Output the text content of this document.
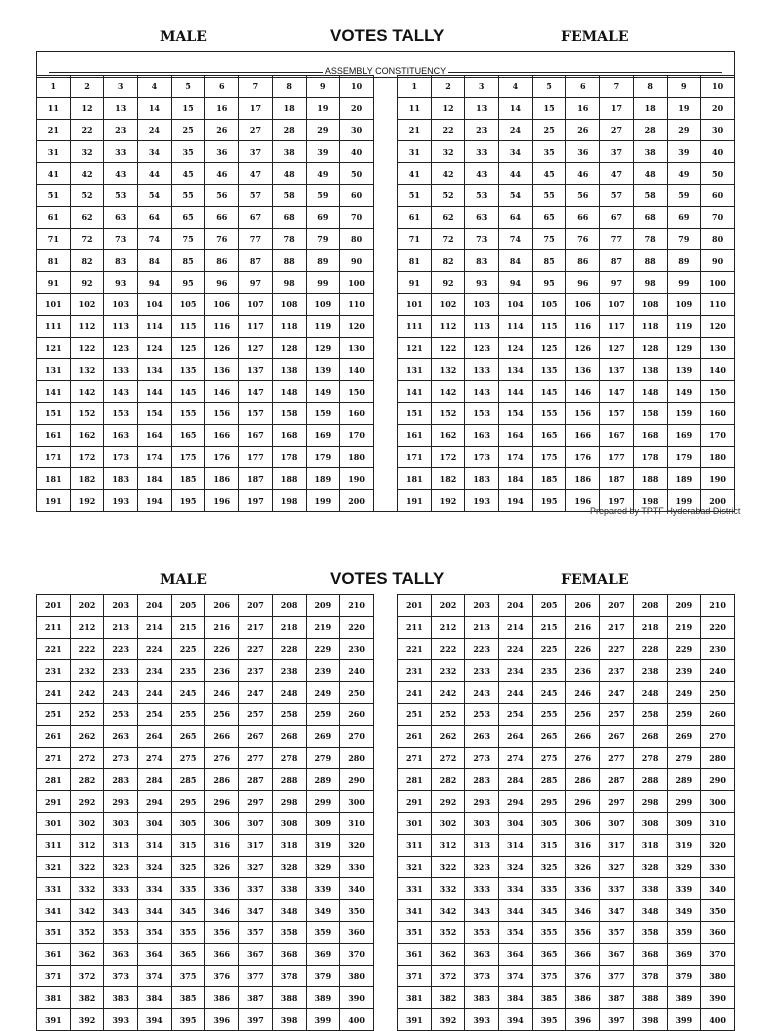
MALE	VOTES TALLY	FEMALE
ASSEMBLY CONSTITUENCY
1	2	3	4	5	6	7	8	9	10
11	12	13	14	15	16	17	18	19	20
21	22	23	24	25	26	27	28	29	30
31	32	33	34	35	36	37	38	39	40
41	42	43	44	45	46	47	48	49	50
51	52	53	54	55	56	57	58	59	60
61	62	63	64	65	66	67	68	69	70
71	72	73	74	75	76	77	78	79	80
81	82	83	84	85	86	87	88	89	90
91	92	93	94	95	96	97	98	99	100
101	102	103	104	105	106	107	108	109	110
111	112	113	114	115	116	117	118	119	120
121	122	123	124	125	126	127	128	129	130
131	132	133	134	135	136	137	138	139	140
141	142	143	144	145	146	147	148	149	150
151	152	153	154	155	156	157	158	159	160
161	162	163	164	165	166	167	168	169	170
171	172	173	174	175	176	177	178	179	180
181	182	183	184	185	186	187	188	189	190
191	192	193	194	195	196	197	198	199	200
1	2	3	4	5	6	7	8	9	10
11	12	13	14	15	16	17	18	19	20
21	22	23	24	25	26	27	28	29	30
31	32	33	34	35	36	37	38	39	40
41	42	43	44	45	46	47	48	49	50
51	52	53	54	55	56	57	58	59	60
61	62	63	64	65	66	67	68	69	70
71	72	73	74	75	76	77	78	79	80
81	82	83	84	85	86	87	88	89	90
91	92	93	94	95	96	97	98	99	100
101	102	103	104	105	106	107	108	109	110
111	112	113	114	115	116	117	118	119	120
121	122	123	124	125	126	127	128	129	130
131	132	133	134	135	136	137	138	139	140
141	142	143	144	145	146	147	148	149	150
151	152	153	154	155	156	157	158	159	160
161	162	163	164	165	166	167	168	169	170
171	172	173	174	175	176	177	178	179	180
181	182	183	184	185	186	187	188	189	190
191	192	193	194	195	196	197	198	199	200
Prepared by TPTF Hyderabad District
MALE	VOTES TALLY	FEMALE
201	202	203	204	205	206	207	208	209	210
211	212	213	214	215	216	217	218	219	220
221	222	223	224	225	226	227	228	229	230
231	232	233	234	235	236	237	238	239	240
241	242	243	244	245	246	247	248	249	250
251	252	253	254	255	256	257	258	259	260
261	262	263	264	265	266	267	268	269	270
271	272	273	274	275	276	277	278	279	280
281	282	283	284	285	286	287	288	289	290
291	292	293	294	295	296	297	298	299	300
301	302	303	304	305	306	307	308	309	310
311	312	313	314	315	316	317	318	319	320
321	322	323	324	325	326	327	328	329	330
331	332	333	334	335	336	337	338	339	340
341	342	343	344	345	346	347	348	349	350
351	352	353	354	355	356	357	358	359	360
361	362	363	364	365	366	367	368	369	370
371	372	373	374	375	376	377	378	379	380
381	382	383	384	385	386	387	388	389	390
391	392	393	394	395	396	397	398	399	400
201	202	203	204	205	206	207	208	209	210
211	212	213	214	215	216	217	218	219	220
221	222	223	224	225	226	227	228	229	230
231	232	233	234	235	236	237	238	239	240
241	242	243	244	245	246	247	248	249	250
251	252	253	254	255	256	257	258	259	260
261	262	263	264	265	266	267	268	269	270
271	272	273	274	275	276	277	278	279	280
281	282	283	284	285	286	287	288	289	290
291	292	293	294	295	296	297	298	299	300
301	302	303	304	305	306	307	308	309	310
311	312	313	314	315	316	317	318	319	320
321	322	323	324	325	326	327	328	329	330
331	332	333	334	335	336	337	338	339	340
341	342	343	344	345	346	347	348	349	350
351	352	353	354	355	356	357	358	359	360
361	362	363	364	365	366	367	368	369	370
371	372	373	374	375	376	377	378	379	380
381	382	383	384	385	386	387	388	389	390
391	392	393	394	395	396	397	398	399	400
